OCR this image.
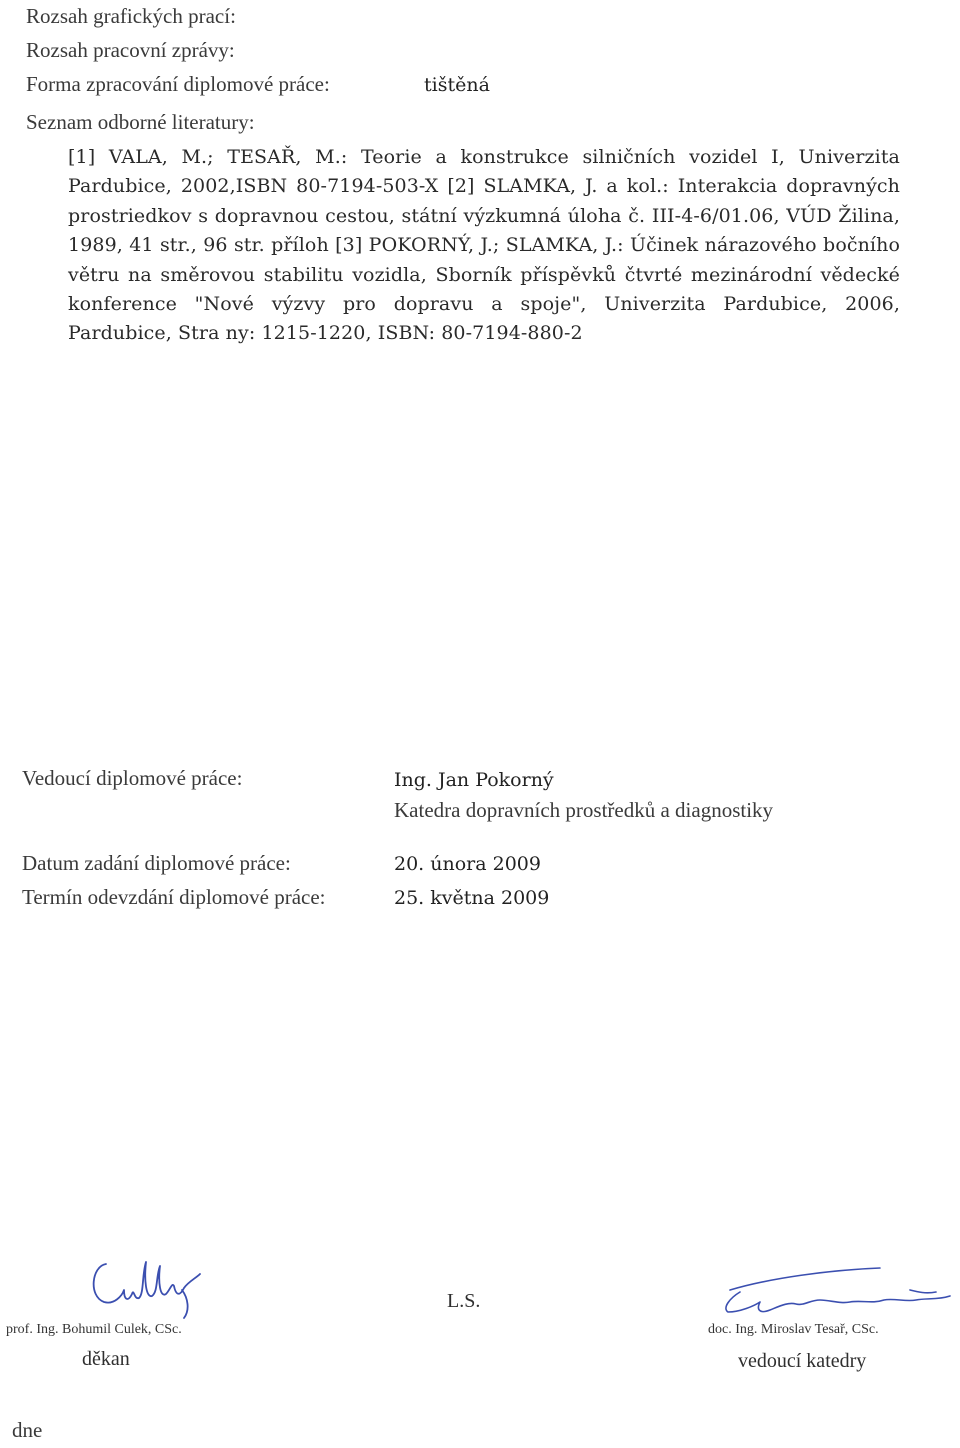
Rozsah grafických prací:
Rozsah pracovní zprávy:
Forma zpracování diplomové práce:	tištěná
Seznam odborné literatury:
[1] VALA, M.; TESAŘ, M.: Teorie a konstrukce silničních vozidel I, Univerzita Pardubice, 2002,ISBN 80-7194-503-X [2] SLAMKA, J. a kol.: Interakcia dopravných prostriedkov s dopravnou cestou, státní výzkumná úloha č. III-4-6/01.06, VÚD Žilina, 1989, 41 str., 96 str. příloh [3] POKORNÝ, J.; SLAMKA, J.: Účinek nárazového bočního větru na směrovou stabilitu vozidla, Sborník příspěvků čtvrté mezinárodní vědecké konference "Nové výzvy pro dopravu a spoje", Univerzita Pardubice, 2006, Pardubice, Stra ny: 1215-1220, ISBN: 80-7194-880-2
Vedoucí diplomové práce:	Ing. Jan Pokorný
Katedra dopravních prostředků a diagnostiky
Datum zadání diplomové práce:	20. února 2009
Termín odevzdání diplomové práce:	25. května 2009
prof. Ing. Bohumil Culek, CSc.
děkan
L.S.
doc. Ing. Miroslav Tesař, CSc.
vedoucí katedry
dne
